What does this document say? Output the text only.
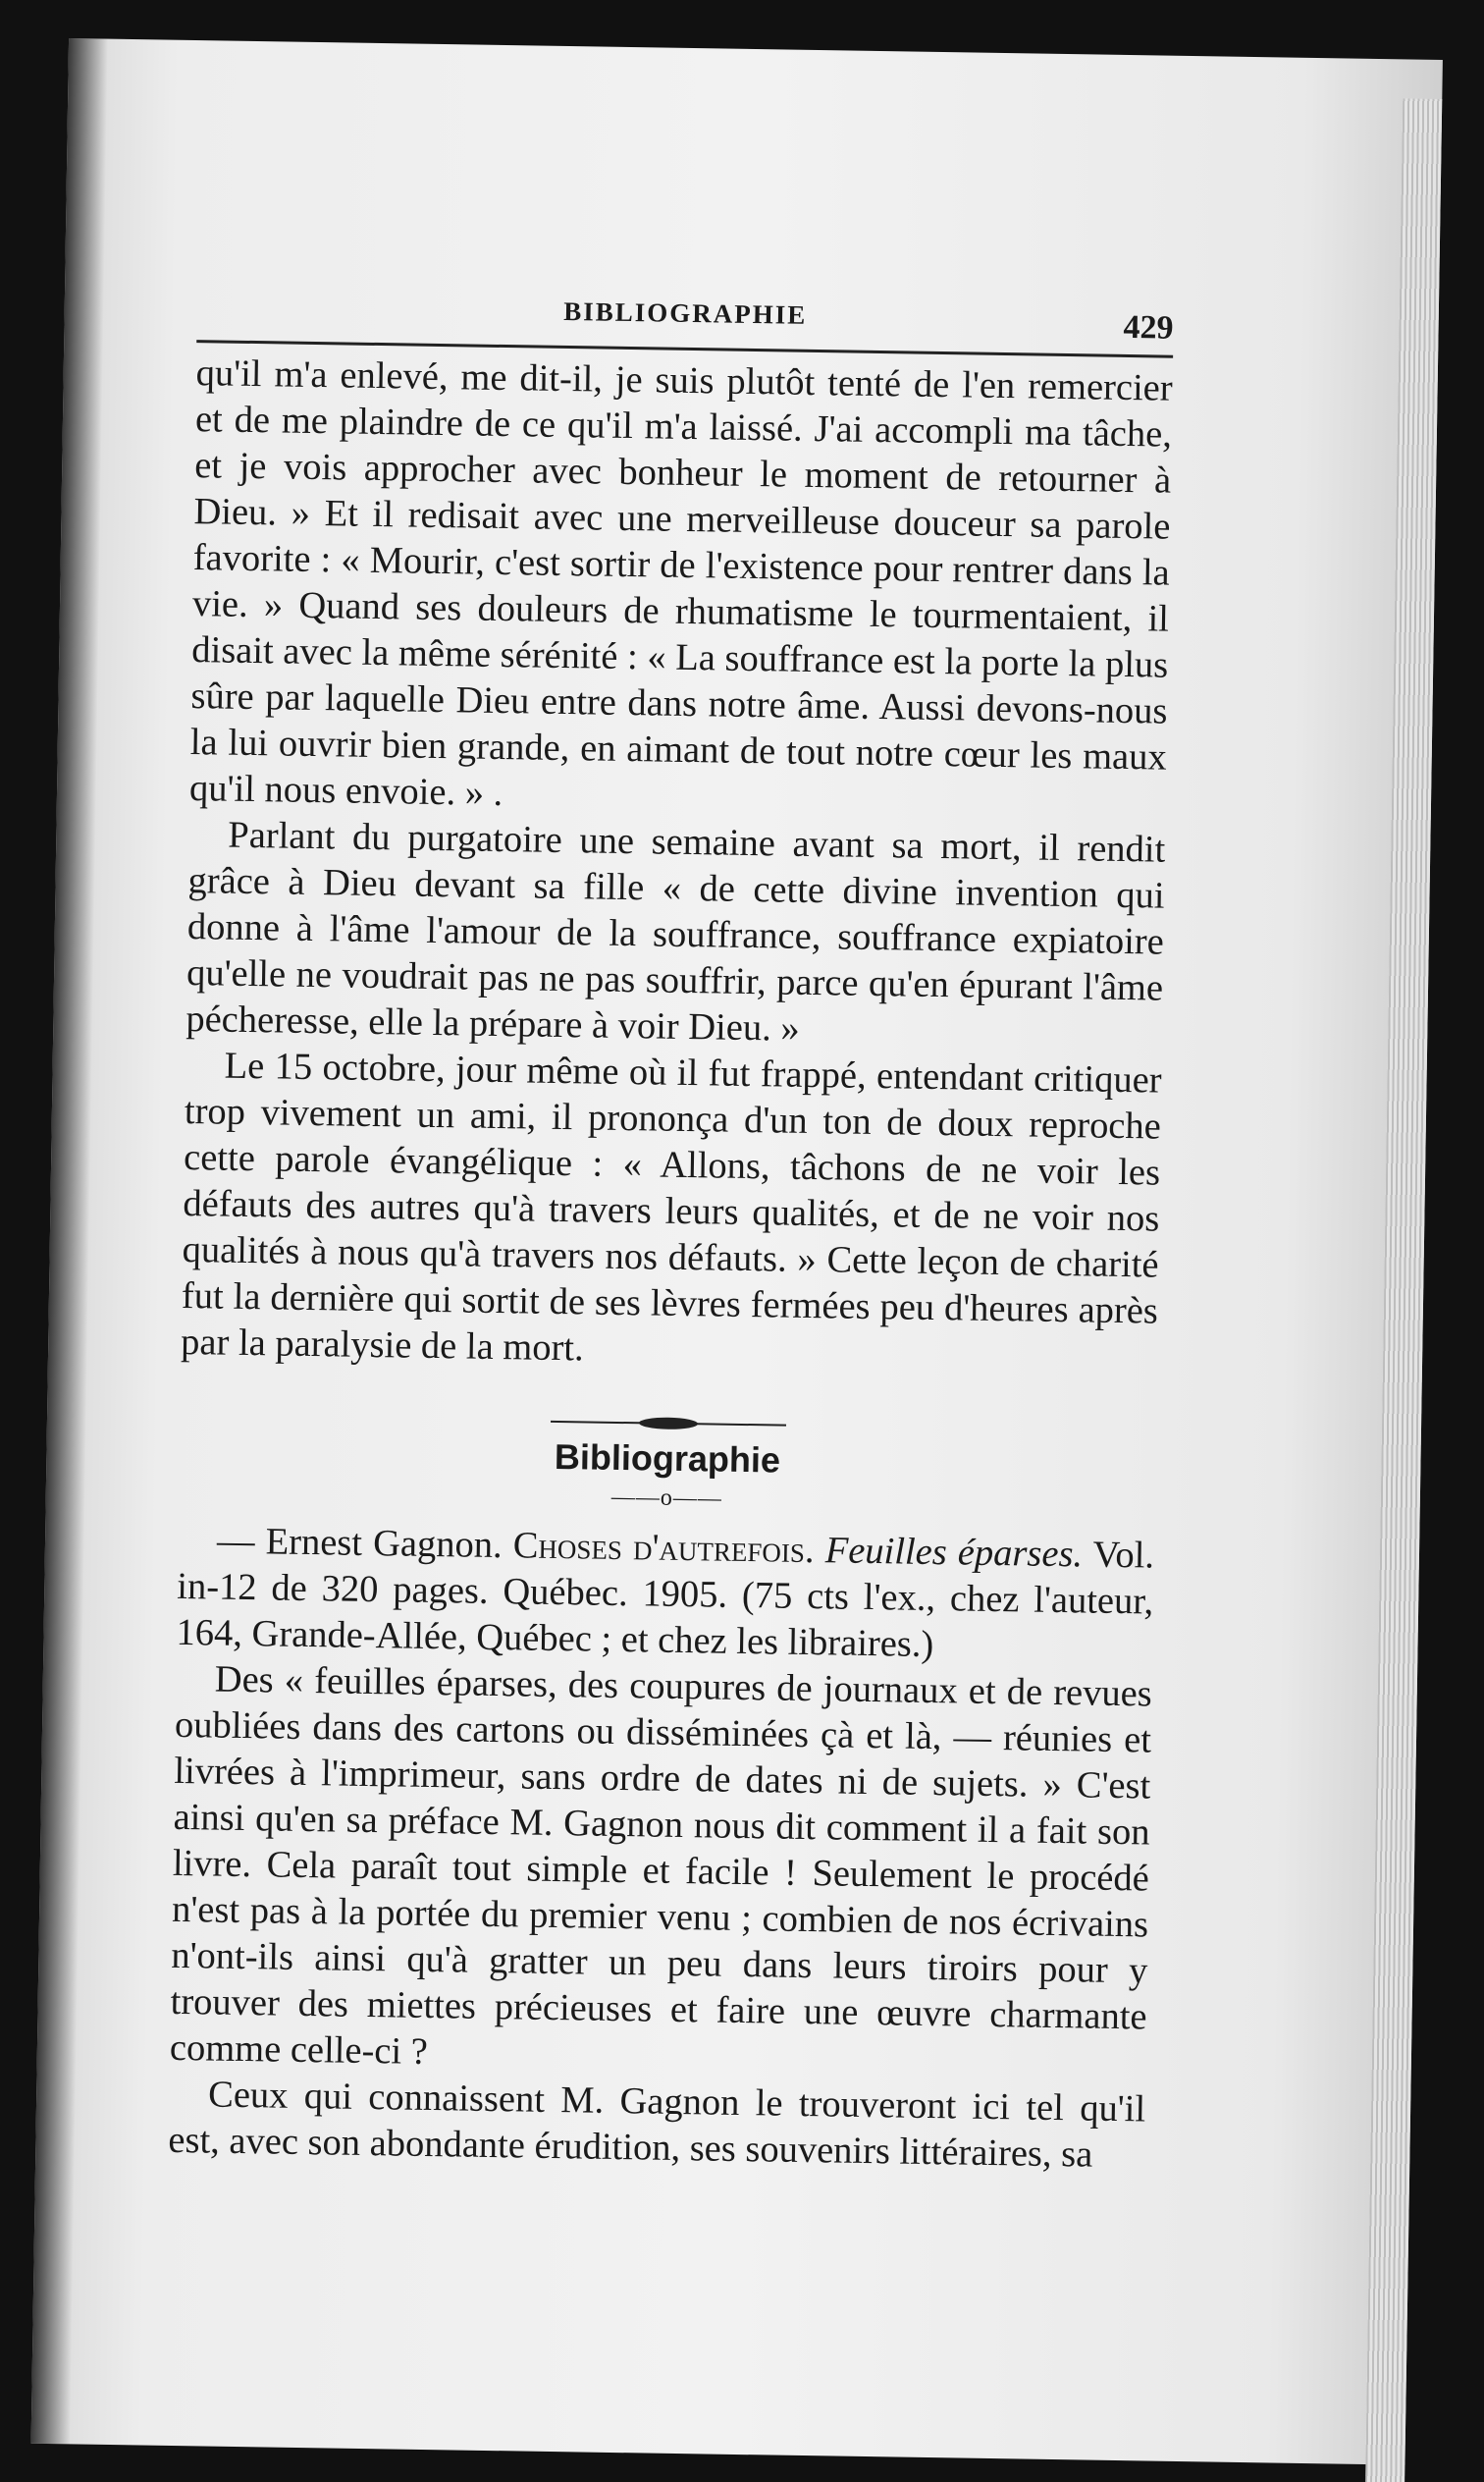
BIBLIOGRAPHIE	429

qu'il m'a enlevé, me dit-il, je suis plutôt tenté de l'en remercier et de me plaindre de ce qu'il m'a laissé. J'ai accompli ma tâche, et je vois approcher avec bonheur le moment de retourner à Dieu. » Et il redisait avec une merveilleuse douceur sa parole favorite : « Mourir, c'est sortir de l'existence pour rentrer dans la vie. » Quand ses douleurs de rhumatisme le tourmentaient, il disait avec la même sérénité : « La souffrance est la porte la plus sûre par laquelle Dieu entre dans notre âme. Aussi devons-nous la lui ouvrir bien grande, en aimant de tout notre cœur les maux qu'il nous envoie. » .

Parlant du purgatoire une semaine avant sa mort, il rendit grâce à Dieu devant sa fille « de cette divine invention qui donne à l'âme l'amour de la souffrance, souffrance expiatoire qu'elle ne voudrait pas ne pas souffrir, parce qu'en épurant l'âme pécheresse, elle la prépare à voir Dieu. »

Le 15 octobre, jour même où il fut frappé, entendant critiquer trop vivement un ami, il prononça d'un ton de doux reproche cette parole évangélique : « Allons, tâchons de ne voir les défauts des autres qu'à travers leurs qualités, et de ne voir nos qualités à nous qu'à travers nos défauts. » Cette leçon de charité fut la dernière qui sortit de ses lèvres fermées peu d'heures après par la paralysie de la mort.

Bibliographie
——o——

— Ernest Gagnon. Choses d'autrefois. Feuilles éparses. Vol. in-12 de 320 pages. Québec. 1905. (75 cts l'ex., chez l'auteur, 164, Grande-Allée, Québec ; et chez les libraires.)

Des « feuilles éparses, des coupures de journaux et de revues oubliées dans des cartons ou disséminées çà et là, — réunies et livrées à l'imprimeur, sans ordre de dates ni de sujets. » C'est ainsi qu'en sa préface M. Gagnon nous dit comment il a fait son livre. Cela paraît tout simple et facile ! Seulement le procédé n'est pas à la portée du premier venu ; combien de nos écrivains n'ont-ils ainsi qu'à gratter un peu dans leurs tiroirs pour y trouver des miettes précieuses et faire une œuvre charmante comme celle-ci ?

Ceux qui connaissent M. Gagnon le trouveront ici tel qu'il est, avec son abondante érudition, ses souvenirs littéraires, sa
